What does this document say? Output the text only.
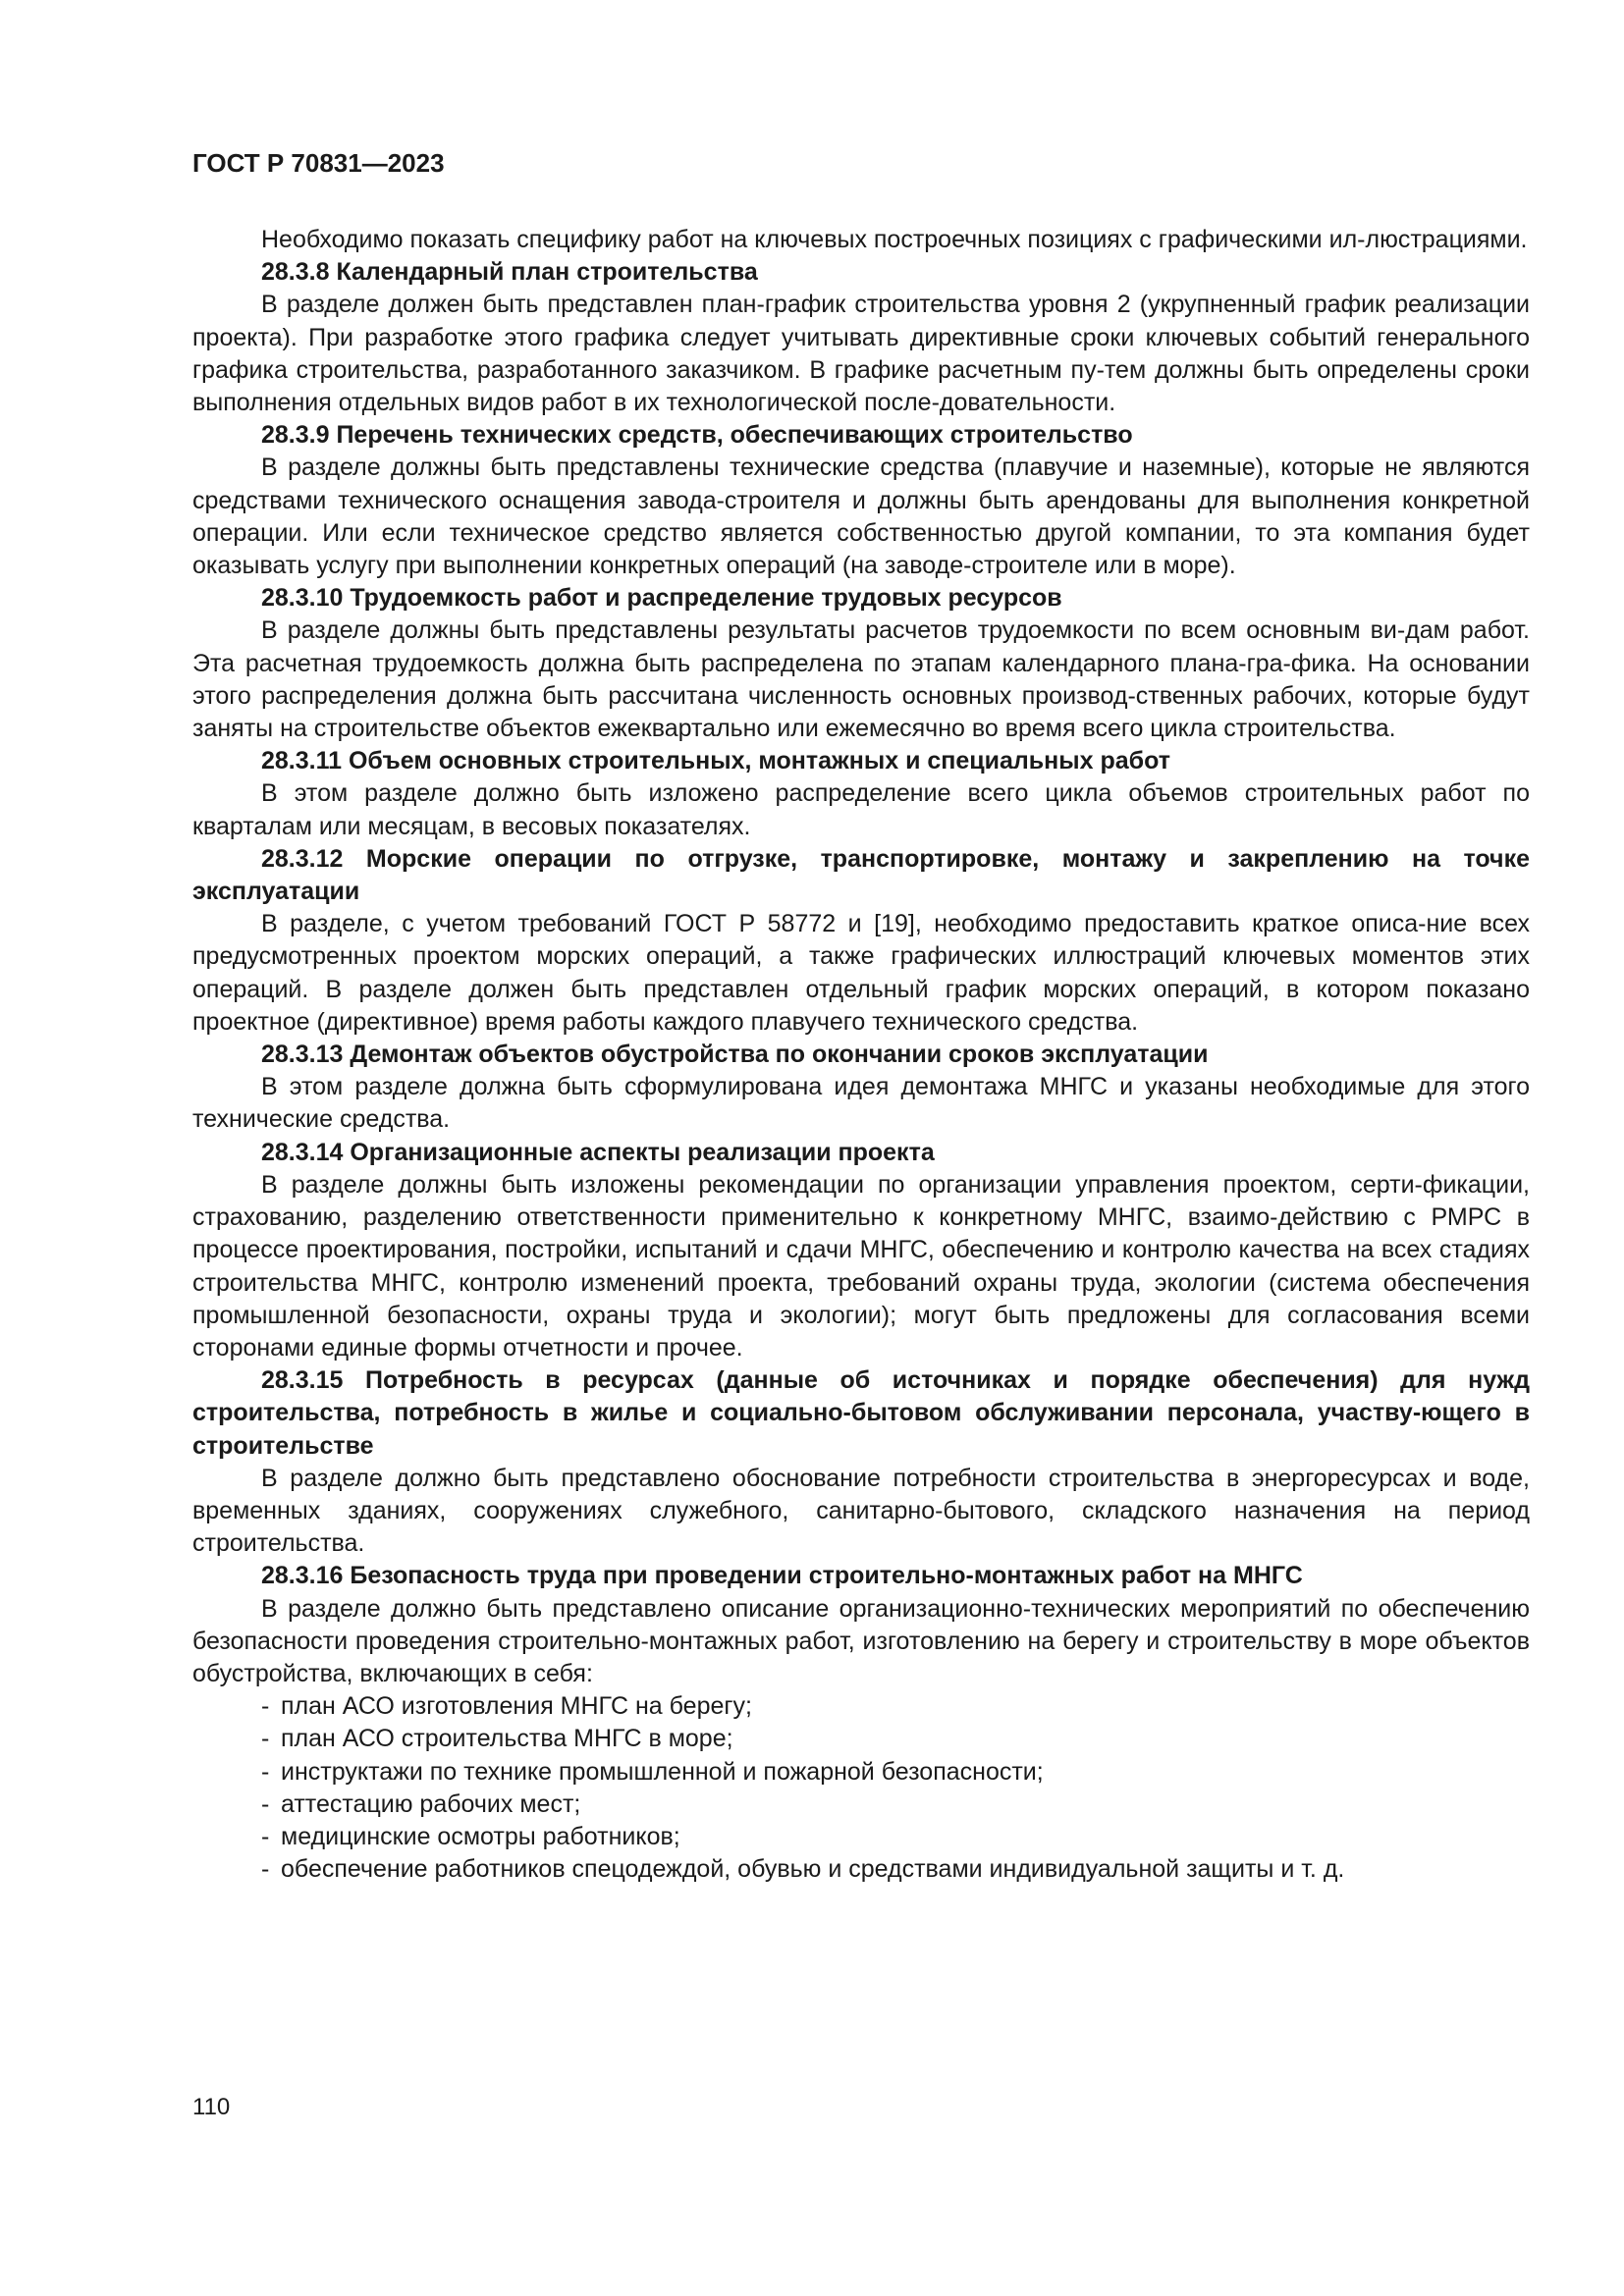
ГОСТ Р 70831—2023

Необходимо показать специфику работ на ключевых построечных позициях с графическими ил-люстрациями.

28.3.8 Календарный план строительства

В разделе должен быть представлен план-график строительства уровня 2 (укрупненный график реализации проекта). При разработке этого графика следует учитывать директивные сроки ключевых событий генерального графика строительства, разработанного заказчиком. В графике расчетным пу-тем должны быть определены сроки выполнения отдельных видов работ в их технологической после-довательности.

28.3.9 Перечень технических средств, обеспечивающих строительство

В разделе должны быть представлены технические средства (плавучие и наземные), которые не являются средствами технического оснащения завода-строителя и должны быть арендованы для выполнения конкретной операции. Или если техническое средство является собственностью другой компании, то эта компания будет оказывать услугу при выполнении конкретных операций (на заводе-строителе или в море).

28.3.10 Трудоемкость работ и распределение трудовых ресурсов

В разделе должны быть представлены результаты расчетов трудоемкости по всем основным ви-дам работ. Эта расчетная трудоемкость должна быть распределена по этапам календарного плана-гра-фика. На основании этого распределения должна быть рассчитана численность основных производ-ственных рабочих, которые будут заняты на строительстве объектов ежеквартально или ежемесячно во время всего цикла строительства.

28.3.11 Объем основных строительных, монтажных и специальных работ

В этом разделе должно быть изложено распределение всего цикла объемов строительных работ по кварталам или месяцам, в весовых показателях.

28.3.12 Морские операции по отгрузке, транспортировке, монтажу и закреплению на точке эксплуатации

В разделе, с учетом требований ГОСТ Р 58772 и [19], необходимо предоставить краткое описа-ние всех предусмотренных проектом морских операций, а также графических иллюстраций ключевых моментов этих операций. В разделе должен быть представлен отдельный график морских операций, в котором показано проектное (директивное) время работы каждого плавучего технического средства.

28.3.13 Демонтаж объектов обустройства по окончании сроков эксплуатации

В этом разделе должна быть сформулирована идея демонтажа МНГС и указаны необходимые для этого технические средства.

28.3.14 Организационные аспекты реализации проекта

В разделе должны быть изложены рекомендации по организации управления проектом, серти-фикации, страхованию, разделению ответственности применительно к конкретному МНГС, взаимо-действию с РМРС в процессе проектирования, постройки, испытаний и сдачи МНГС, обеспечению и контролю качества на всех стадиях строительства МНГС, контролю изменений проекта, требований охраны труда, экологии (система обеспечения промышленной безопасности, охраны труда и экологии); могут быть предложены для согласования всеми сторонами единые формы отчетности и прочее.

28.3.15 Потребность в ресурсах (данные об источниках и порядке обеспечения) для нужд строительства, потребность в жилье и социально-бытовом обслуживании персонала, участву-ющего в строительстве

В разделе должно быть представлено обоснование потребности строительства в энергоресурсах и воде, временных зданиях, сооружениях служебного, санитарно-бытового, складского назначения на период строительства.

28.3.16 Безопасность труда при проведении строительно-монтажных работ на МНГС

В разделе должно быть представлено описание организационно-технических мероприятий по обеспечению безопасности проведения строительно-монтажных работ, изготовлению на берегу и строительству в море объектов обустройства, включающих в себя:

- план АСО изготовления МНГС на берегу;
- план АСО строительства МНГС в море;
- инструктажи по технике промышленной и пожарной безопасности;
- аттестацию рабочих мест;
- медицинские осмотры работников;
- обеспечение работников спецодеждой, обувью и средствами индивидуальной защиты и т. д.
110
